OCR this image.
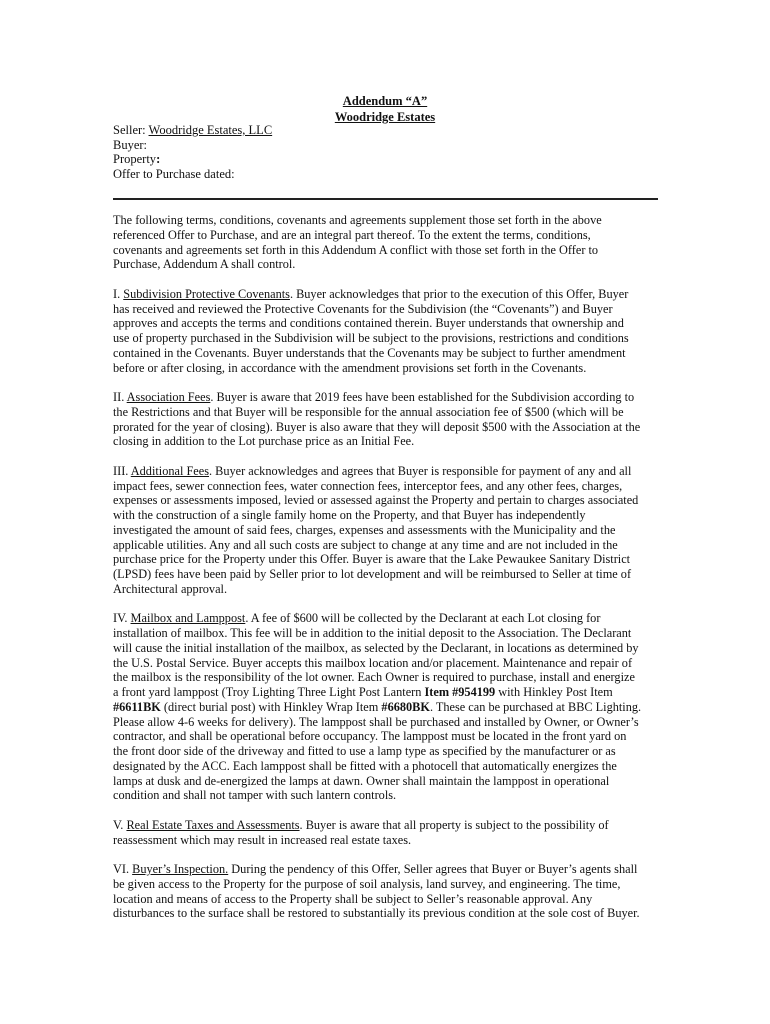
Addendum “A”
Woodridge Estates
Seller: Woodridge Estates, LLC
Buyer:
Property:
Offer to Purchase dated:

The following terms, conditions, covenants and agreements supplement those set forth in the above
referenced Offer to Purchase, and are an integral part thereof. To the extent the terms, conditions,
covenants and agreements set forth in this Addendum A conflict with those set forth in the Offer to
Purchase, Addendum A shall control.

I. Subdivision Protective Covenants. Buyer acknowledges that prior to the execution of this Offer, Buyer
has received and reviewed the Protective Covenants for the Subdivision (the “Covenants”) and Buyer
approves and accepts the terms and conditions contained therein. Buyer understands that ownership and
use of property purchased in the Subdivision will be subject to the provisions, restrictions and conditions
contained in the Covenants. Buyer understands that the Covenants may be subject to further amendment
before or after closing, in accordance with the amendment provisions set forth in the Covenants.

II. Association Fees. Buyer is aware that 2019 fees have been established for the Subdivision according to
the Restrictions and that Buyer will be responsible for the annual association fee of $500 (which will be
prorated for the year of closing). Buyer is also aware that they will deposit $500 with the Association at the
closing in addition to the Lot purchase price as an Initial Fee.

III. Additional Fees. Buyer acknowledges and agrees that Buyer is responsible for payment of any and all
impact fees, sewer connection fees, water connection fees, interceptor fees, and any other fees, charges,
expenses or assessments imposed, levied or assessed against the Property and pertain to charges associated
with the construction of a single family home on the Property, and that Buyer has independently
investigated the amount of said fees, charges, expenses and assessments with the Municipality and the
applicable utilities. Any and all such costs are subject to change at any time and are not included in the
purchase price for the Property under this Offer. Buyer is aware that the Lake Pewaukee Sanitary District
(LPSD) fees have been paid by Seller prior to lot development and will be reimbursed to Seller at time of
Architectural approval.

IV. Mailbox and Lamppost. A fee of $600 will be collected by the Declarant at each Lot closing for
installation of mailbox. This fee will be in addition to the initial deposit to the Association. The Declarant
will cause the initial installation of the mailbox, as selected by the Declarant, in locations as determined by
the U.S. Postal Service. Buyer accepts this mailbox location and/or placement. Maintenance and repair of
the mailbox is the responsibility of the lot owner. Each Owner is required to purchase, install and energize
a front yard lamppost (Troy Lighting Three Light Post Lantern Item #954199 with Hinkley Post Item
#6611BK (direct burial post) with Hinkley Wrap Item #6680BK. These can be purchased at BBC Lighting.
Please allow 4-6 weeks for delivery). The lamppost shall be purchased and installed by Owner, or Owner’s
contractor, and shall be operational before occupancy. The lamppost must be located in the front yard on
the front door side of the driveway and fitted to use a lamp type as specified by the manufacturer or as
designated by the ACC. Each lamppost shall be fitted with a photocell that automatically energizes the
lamps at dusk and de-energized the lamps at dawn. Owner shall maintain the lamppost in operational
condition and shall not tamper with such lantern controls.

V. Real Estate Taxes and Assessments. Buyer is aware that all property is subject to the possibility of
reassessment which may result in increased real estate taxes.

VI. Buyer’s Inspection. During the pendency of this Offer, Seller agrees that Buyer or Buyer’s agents shall
be given access to the Property for the purpose of soil analysis, land survey, and engineering. The time,
location and means of access to the Property shall be subject to Seller’s reasonable approval. Any
disturbances to the surface shall be restored to substantially its previous condition at the sole cost of Buyer.
